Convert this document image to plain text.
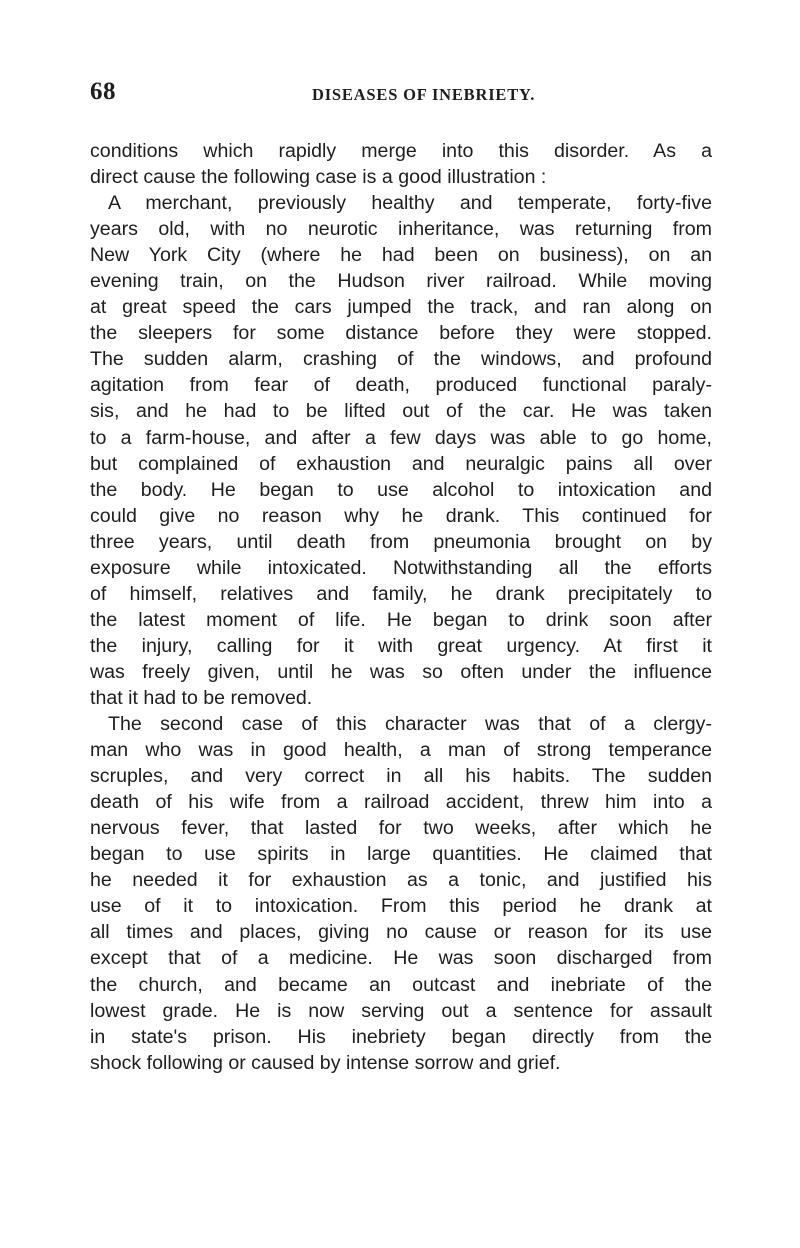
68	DISEASES OF INEBRIETY.
conditions which rapidly merge into this disorder. As a
direct cause the following case is a good illustration :
A merchant, previously healthy and temperate, forty-five
years old, with no neurotic inheritance, was returning from
New York City (where he had been on business), on an
evening train, on the Hudson river railroad. While moving
at great speed the cars jumped the track, and ran along on
the sleepers for some distance before they were stopped.
The sudden alarm, crashing of the windows, and profound
agitation from fear of death, produced functional paraly-
sis, and he had to be lifted out of the car. He was taken
to a farm-house, and after a few days was able to go home,
but complained of exhaustion and neuralgic pains all over
the body. He began to use alcohol to intoxication and
could give no reason why he drank. This continued for
three years, until death from pneumonia brought on by
exposure while intoxicated. Notwithstanding all the efforts
of himself, relatives and family, he drank precipitately to
the latest moment of life. He began to drink soon after
the injury, calling for it with great urgency. At first it
was freely given, until he was so often under the influence
that it had to be removed.
The second case of this character was that of a clergy-
man who was in good health, a man of strong temperance
scruples, and very correct in all his habits. The sudden
death of his wife from a railroad accident, threw him into a
nervous fever, that lasted for two weeks, after which he
began to use spirits in large quantities. He claimed that
he needed it for exhaustion as a tonic, and justified his
use of it to intoxication. From this period he drank at
all times and places, giving no cause or reason for its use
except that of a medicine. He was soon discharged from
the church, and became an outcast and inebriate of the
lowest grade. He is now serving out a sentence for assault
in state's prison. His inebriety began directly from the
shock following or caused by intense sorrow and grief.
